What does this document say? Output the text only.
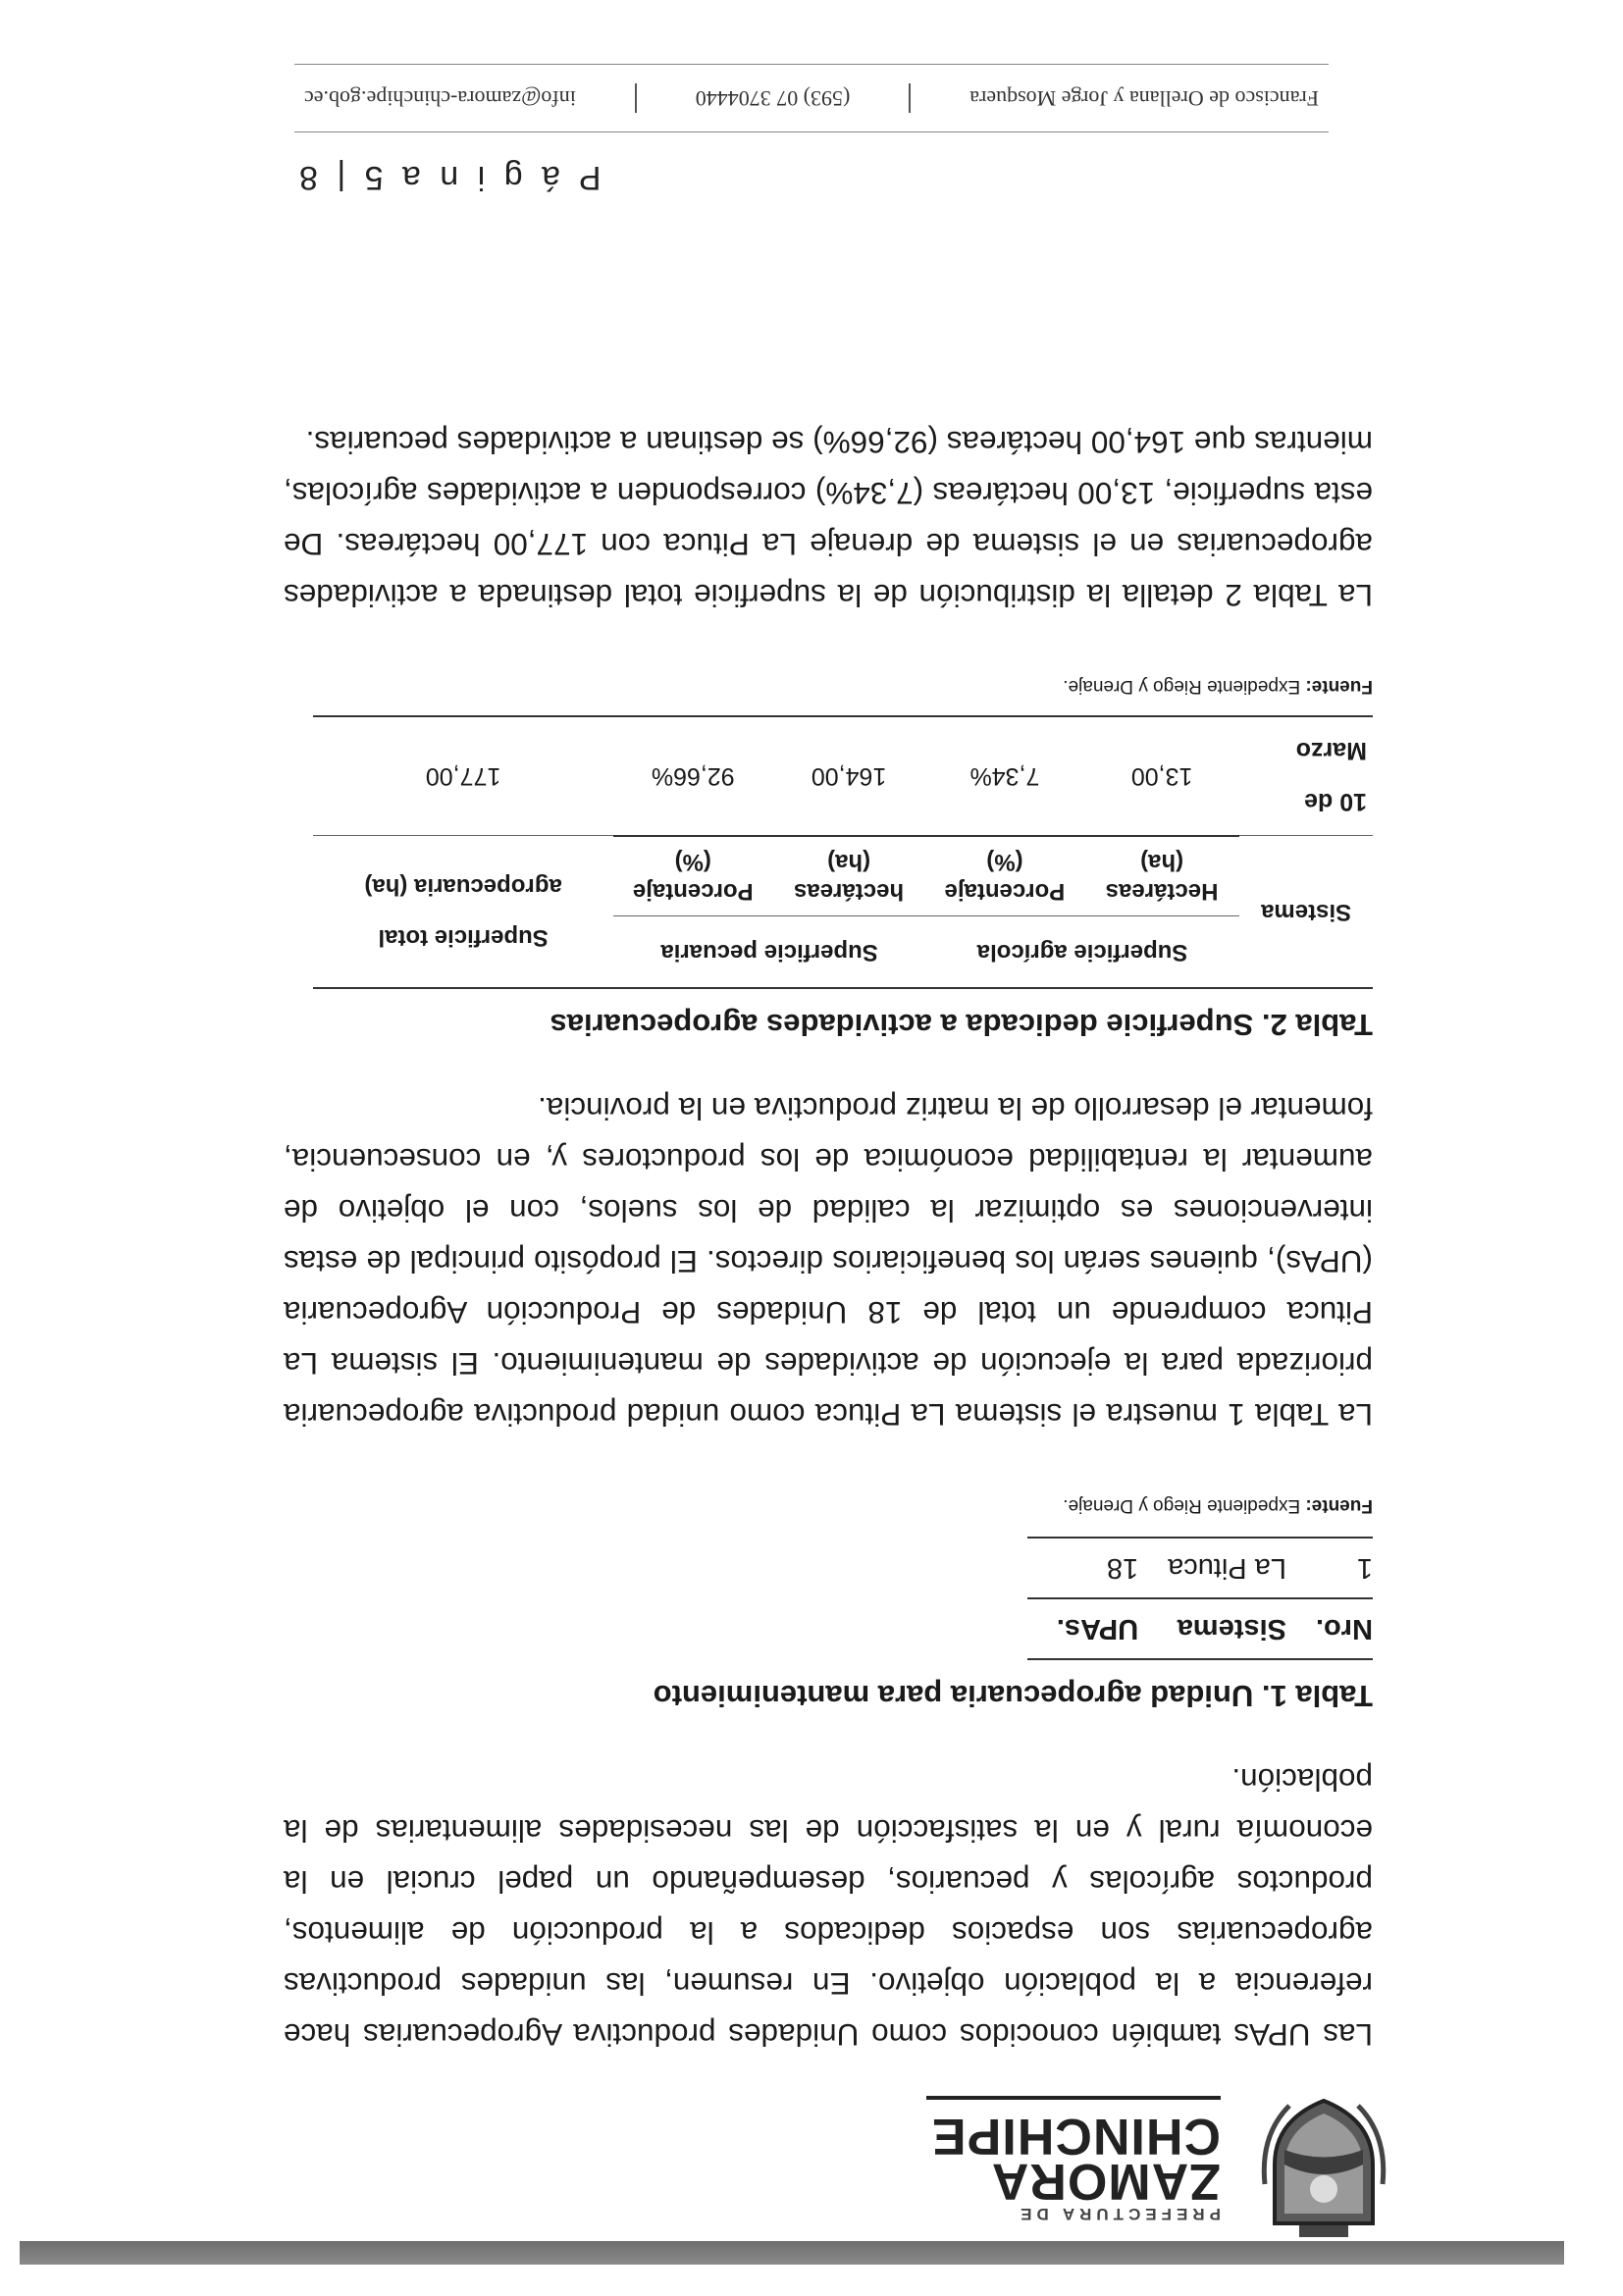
PREFECTURA DE
ZAMORA
CHINCHIPE

Las UPAs también conocidos como Unidades productiva Agropecuarias hace referencia a la población objetivo. En resumen, las unidades productivas agropecuarias son espacios dedicados a la producción de alimentos, productos agrícolas y pecuarios, desempeñando un papel crucial en la economía rural y en la satisfacción de las necesidades alimentarias de la población.

Tabla 1. Unidad agropecuaria para mantenimiento
Nro.	Sistema	UPAs.
1	La Pituca	18
Fuente: Expediente Riego y Drenaje.

La Tabla 1 muestra el sistema La Pituca como unidad productiva agropecuaria priorizada para la ejecución de actividades de mantenimiento. El sistema La Pituca comprende un total de 18 Unidades de Producción Agropecuaria (UPAs), quienes serán los beneficiarios directos. El propósito principal de estas intervenciones es optimizar la calidad de los suelos, con el objetivo de aumentar la rentabilidad económica de los productores y, en consecuencia, fomentar el desarrollo de la matriz productiva en la provincia.

Tabla 2. Superficie dedicada a actividades agropecuarias
Sistema	Superficie agrícola		Superficie pecuaria		Superficie total agropecuaria (ha)
	Hectáreas (ha)	Porcentaje (%)	hectáreas (ha)	Porcentaje (%)	
10 de Marzo	13,00	7,34%	164,00	92,66%	177,00
Fuente: Expediente Riego y Drenaje.

La Tabla 2 detalla la distribución de la superficie total destinada a actividades agropecuarias en el sistema de drenaje La Pituca con 177,00 hectáreas. De esta superficie, 13,00 hectáreas (7,34%) corresponden a actividades agrícolas, mientras que 164,00 hectáreas (92,66%) se destinan a actividades pecuarias.

P á g i n a 5 | 8
Francisco de Orellana y Jorge Mosquera
(593) 07 3704440
info@zamora-chinchipe.gob.ec
